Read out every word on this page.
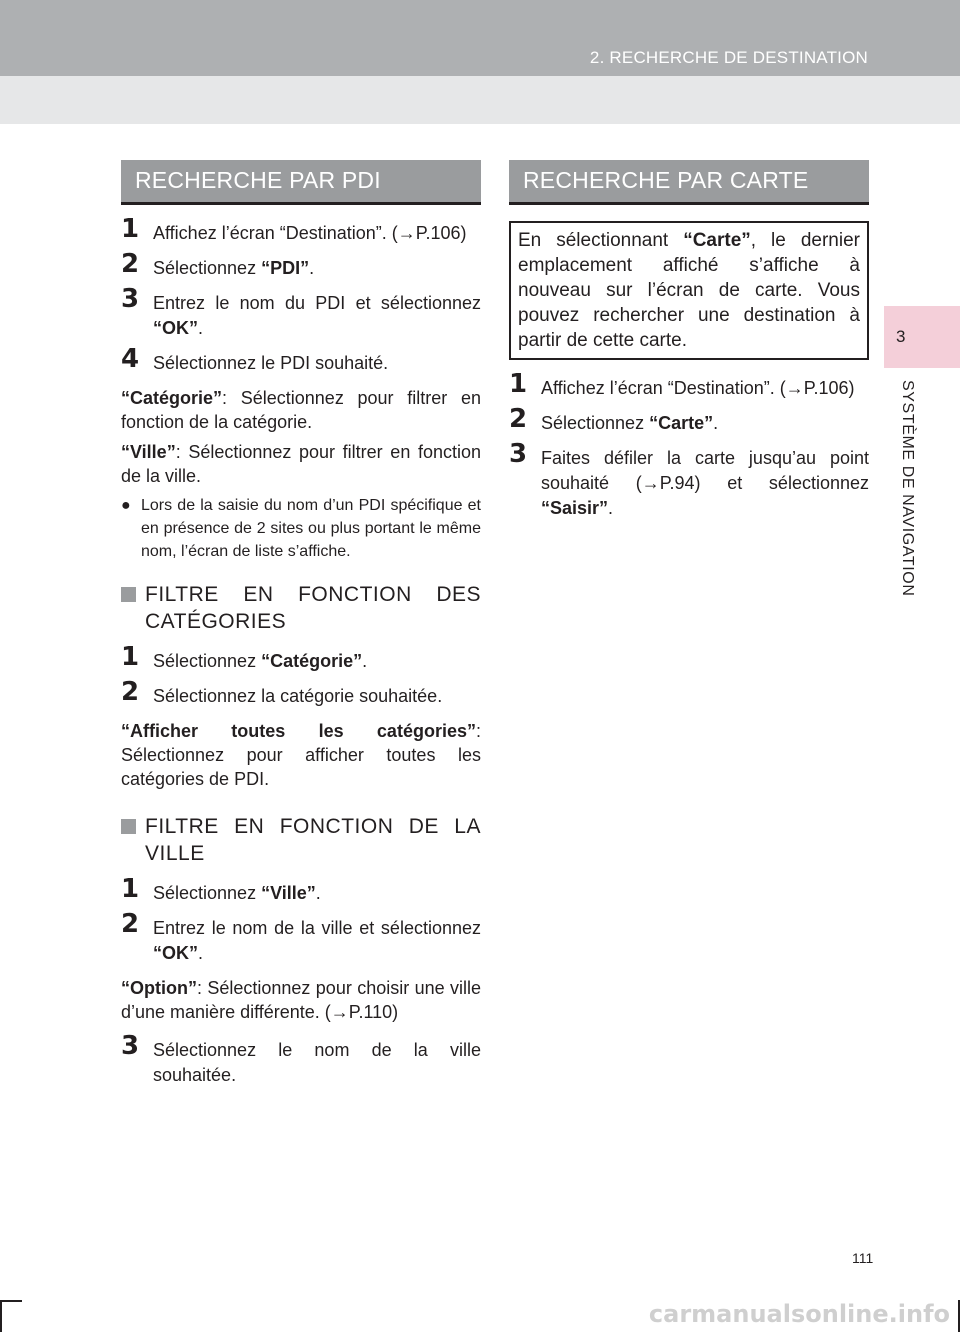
2. RECHERCHE DE DESTINATION
3
SYSTÈME DE NAVIGATION
RECHERCHE PAR PDI
1 Affichez l’écran “Destination”. (→P.106)
2 Sélectionnez “PDI”.
3 Entrez le nom du PDI et sélectionnez “OK”.
4 Sélectionnez le PDI souhaité.

“Catégorie”: Sélectionnez pour filtrer en fonction de la catégorie.

“Ville”: Sélectionnez pour filtrer en fonction de la ville.

● Lors de la saisie du nom d’un PDI spécifique et en présence de 2 sites ou plus portant le même nom, l’écran de liste s’affiche.
FILTRE EN FONCTION DES CATÉGORIES
1 Sélectionnez “Catégorie”.
2 Sélectionnez la catégorie souhaitée.

“Afficher toutes les catégories”: Sélectionnez pour afficher toutes les catégories de PDI.

FILTRE EN FONCTION DE LA VILLE
1 Sélectionnez “Ville”.
2 Entrez le nom de la ville et sélectionnez “OK”.

“Option”: Sélectionnez pour choisir une ville d’une manière différente. (→P.110)

3 Sélectionnez le nom de la ville souhaitée.
RECHERCHE PAR CARTE
En sélectionnant “Carte”, le dernier emplacement affiché s’affiche à nouveau sur l’écran de carte. Vous pouvez rechercher une destination à partir de cette carte.
1 Affichez l’écran “Destination”. (→P.106)
2 Sélectionnez “Carte”.
3 Faites défiler la carte jusqu’au point souhaité (→P.94) et sélectionnez “Saisir”.
111
carmanualsonline.info
